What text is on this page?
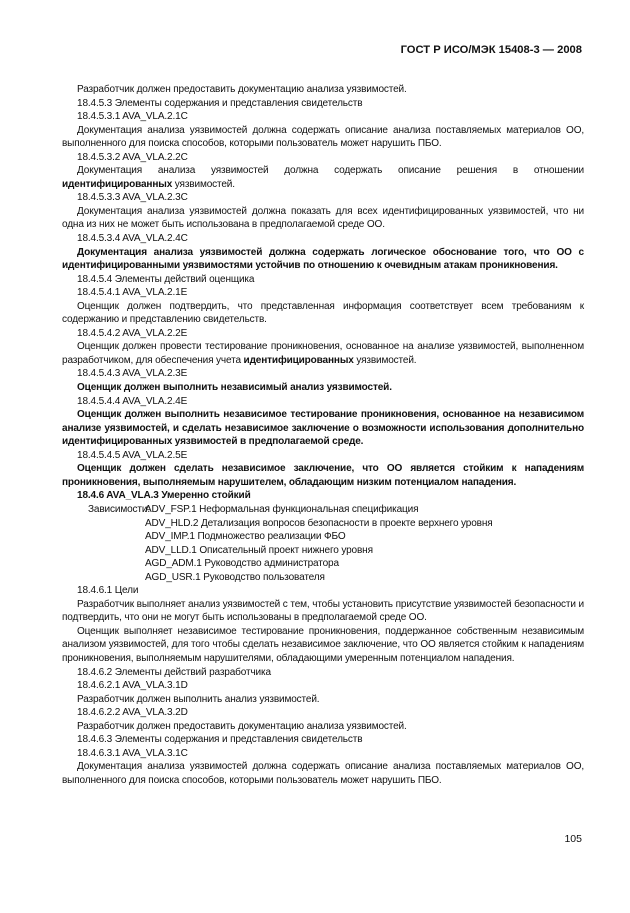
ГОСТ Р ИСО/МЭК 15408-3 — 2008
Разработчик должен предоставить документацию анализа уязвимостей.
18.4.5.3 Элементы содержания и представления свидетельств
18.4.5.3.1 AVA_VLA.2.1C
Документация анализа уязвимостей должна содержать описание анализа поставляемых материалов ОО, выполненного для поиска способов, которыми пользователь может нарушить ПБО.
18.4.5.3.2 AVA_VLA.2.2C
Документация анализа уязвимостей должна содержать описание решения в отношении идентифицированных уязвимостей.
18.4.5.3.3 AVA_VLA.2.3C
Документация анализа уязвимостей должна показать для всех идентифицированных уязвимостей, что ни одна из них не может быть использована в предполагаемой среде ОО.
18.4.5.3.4 AVA_VLA.2.4C
Документация анализа уязвимостей должна содержать логическое обоснование того, что ОО с идентифицированными уязвимостями устойчив по отношению к очевидным атакам проникновения.
18.4.5.4 Элементы действий оценщика
18.4.5.4.1 AVA_VLA.2.1E
Оценщик должен подтвердить, что представленная информация соответствует всем требованиям к содержанию и представлению свидетельств.
18.4.5.4.2 AVA_VLA.2.2E
Оценщик должен провести тестирование проникновения, основанное на анализе уязвимостей, выполненном разработчиком, для обеспечения учета идентифицированных уязвимостей.
18.4.5.4.3 AVA_VLA.2.3E
Оценщик должен выполнить независимый анализ уязвимостей.
18.4.5.4.4 AVA_VLA.2.4E
Оценщик должен выполнить независимое тестирование проникновения, основанное на независимом анализе уязвимостей, и сделать независимое заключение о возможности использования дополнительно идентифицированных уязвимостей в предполагаемой среде.
18.4.5.4.5 AVA_VLA.2.5E
Оценщик должен сделать независимое заключение, что ОО является стойким к нападениям проникновения, выполняемым нарушителем, обладающим низким потенциалом нападения.
18.4.6 AVA_VLA.3 Умеренно стойкий
Зависимости:
ADV_FSP.1 Неформальная функциональная спецификация
ADV_HLD.2 Детализация вопросов безопасности в проекте верхнего уровня
ADV_IMP.1 Подмножество реализации ФБО
ADV_LLD.1 Описательный проект нижнего уровня
AGD_ADM.1 Руководство администратора
AGD_USR.1 Руководство пользователя
18.4.6.1 Цели
Разработчик выполняет анализ уязвимостей с тем, чтобы установить присутствие уязвимостей безопасности и подтвердить, что они не могут быть использованы в предполагаемой среде ОО.
Оценщик выполняет независимое тестирование проникновения, поддержанное собственным независимым анализом уязвимостей, для того чтобы сделать независимое заключение, что ОО является стойким к нападениям проникновения, выполняемым нарушителями, обладающими умеренным потенциалом нападения.
18.4.6.2 Элементы действий разработчика
18.4.6.2.1 AVA_VLA.3.1D
Разработчик должен выполнить анализ уязвимостей.
18.4.6.2.2 AVA_VLA.3.2D
Разработчик должен предоставить документацию анализа уязвимостей.
18.4.6.3 Элементы содержания и представления свидетельств
18.4.6.3.1 AVA_VLA.3.1C
Документация анализа уязвимостей должна содержать описание анализа поставляемых материалов ОО, выполненного для поиска способов, которыми пользователь может нарушить ПБО.
105
